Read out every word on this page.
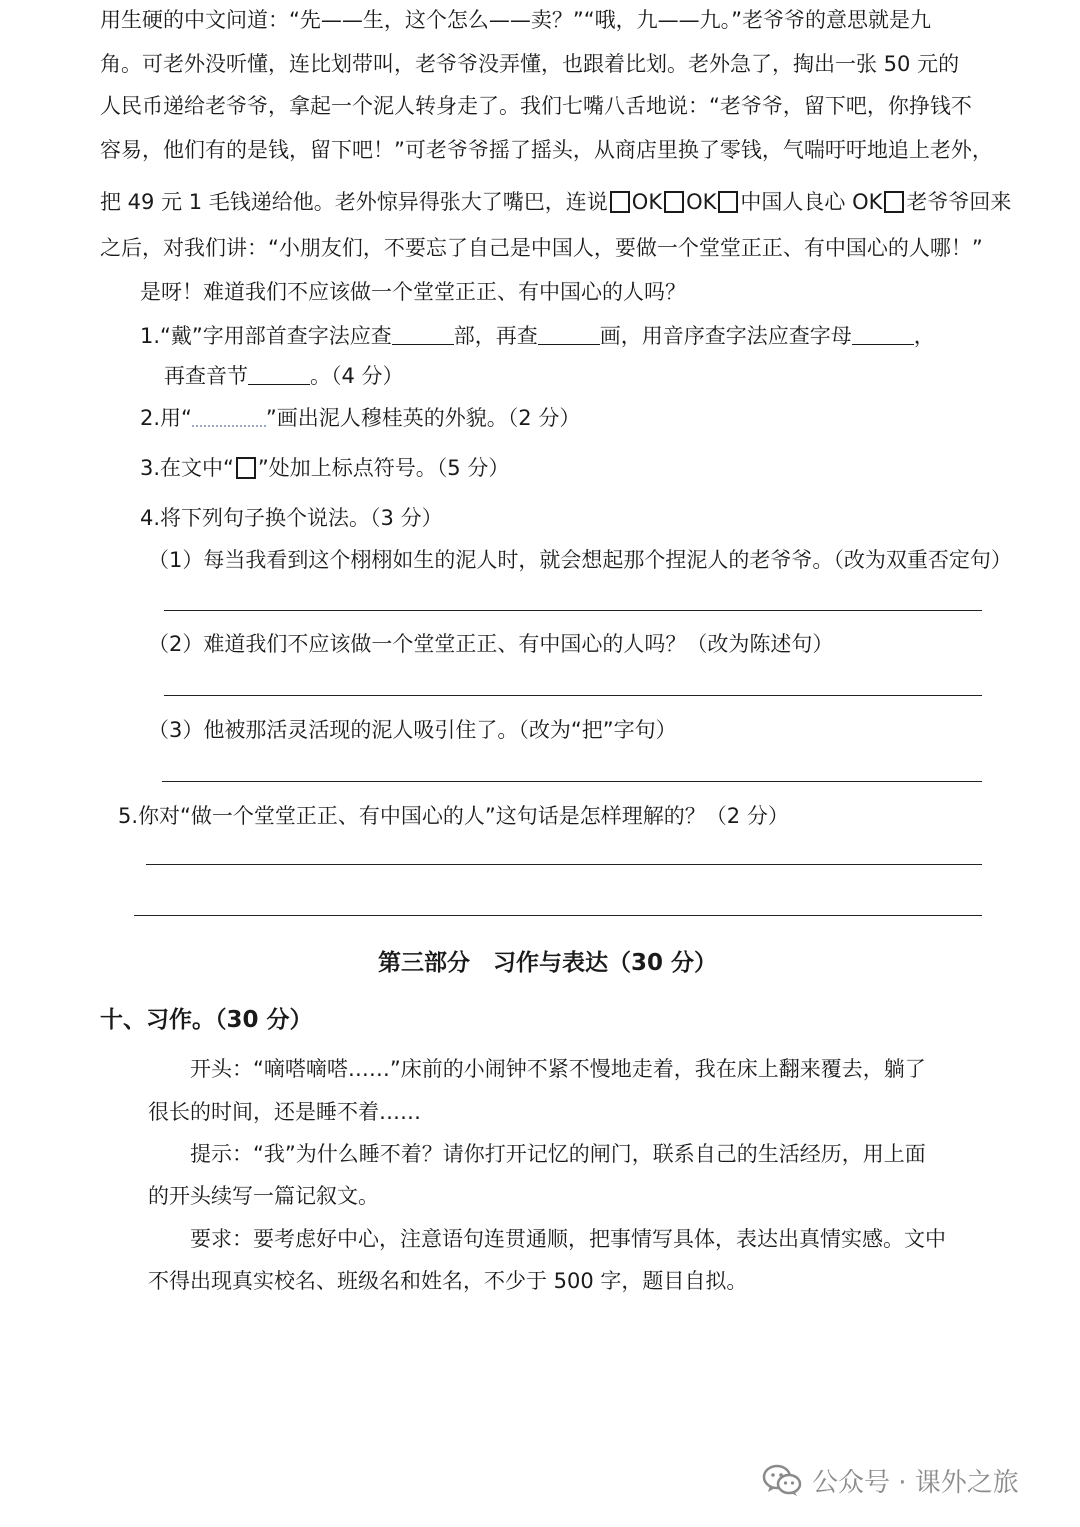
用生硬的中文问道：“先——生，这个怎么——卖？”“哦，九——九。”老爷爷的意思就是九
角。可老外没听懂，连比划带叫，老爷爷没弄懂，也跟着比划。老外急了，掏出一张 50 元的
人民币递给老爷爷，拿起一个泥人转身走了。我们七嘴八舌地说：“老爷爷，留下吧，你挣钱不
容易，他们有的是钱，留下吧！”可老爷爷摇了摇头，从商店里换了零钱，气喘吁吁地追上老外，
把 49 元 1 毛钱递给他。老外惊异得张大了嘴巴，连说 OK OK 中国人良心 OK 老爷爷回来
之后，对我们讲：“小朋友们，不要忘了自己是中国人，要做一个堂堂正正、有中国心的人哪！”
是呀！难道我们不应该做一个堂堂正正、有中国心的人吗？
1.“戴”字用部首查字法应查	部，再查	画，用音序查字法应查字母	，
再查音节	。（4 分）
2.用“	”画出泥人穆桂英的外貌。（2 分）
3.在文中“ ”处加上标点符号。（5 分）
4.将下列句子换个说法。（3 分）
（1）每当我看到这个栩栩如生的泥人时，就会想起那个捏泥人的老爷爷。（改为双重否定句）
（2）难道我们不应该做一个堂堂正正、有中国心的人吗？（改为陈述句）
（3）他被那活灵活现的泥人吸引住了。（改为“把”字句）
5.你对“做一个堂堂正正、有中国心的人”这句话是怎样理解的？（2 分）
第三部分　习作与表达（30 分）
十、习作。（30 分）
开头：“嘀嗒嘀嗒……”床前的小闹钟不紧不慢地走着，我在床上翻来覆去，躺了
很长的时间，还是睡不着……
提示：“我”为什么睡不着？请你打开记忆的闸门，联系自己的生活经历，用上面
的开头续写一篇记叙文。
要求：要考虑好中心，注意语句连贯通顺，把事情写具体，表达出真情实感。文中
不得出现真实校名、班级名和姓名，不少于 500 字，题目自拟。
公众号 · 课外之旅
